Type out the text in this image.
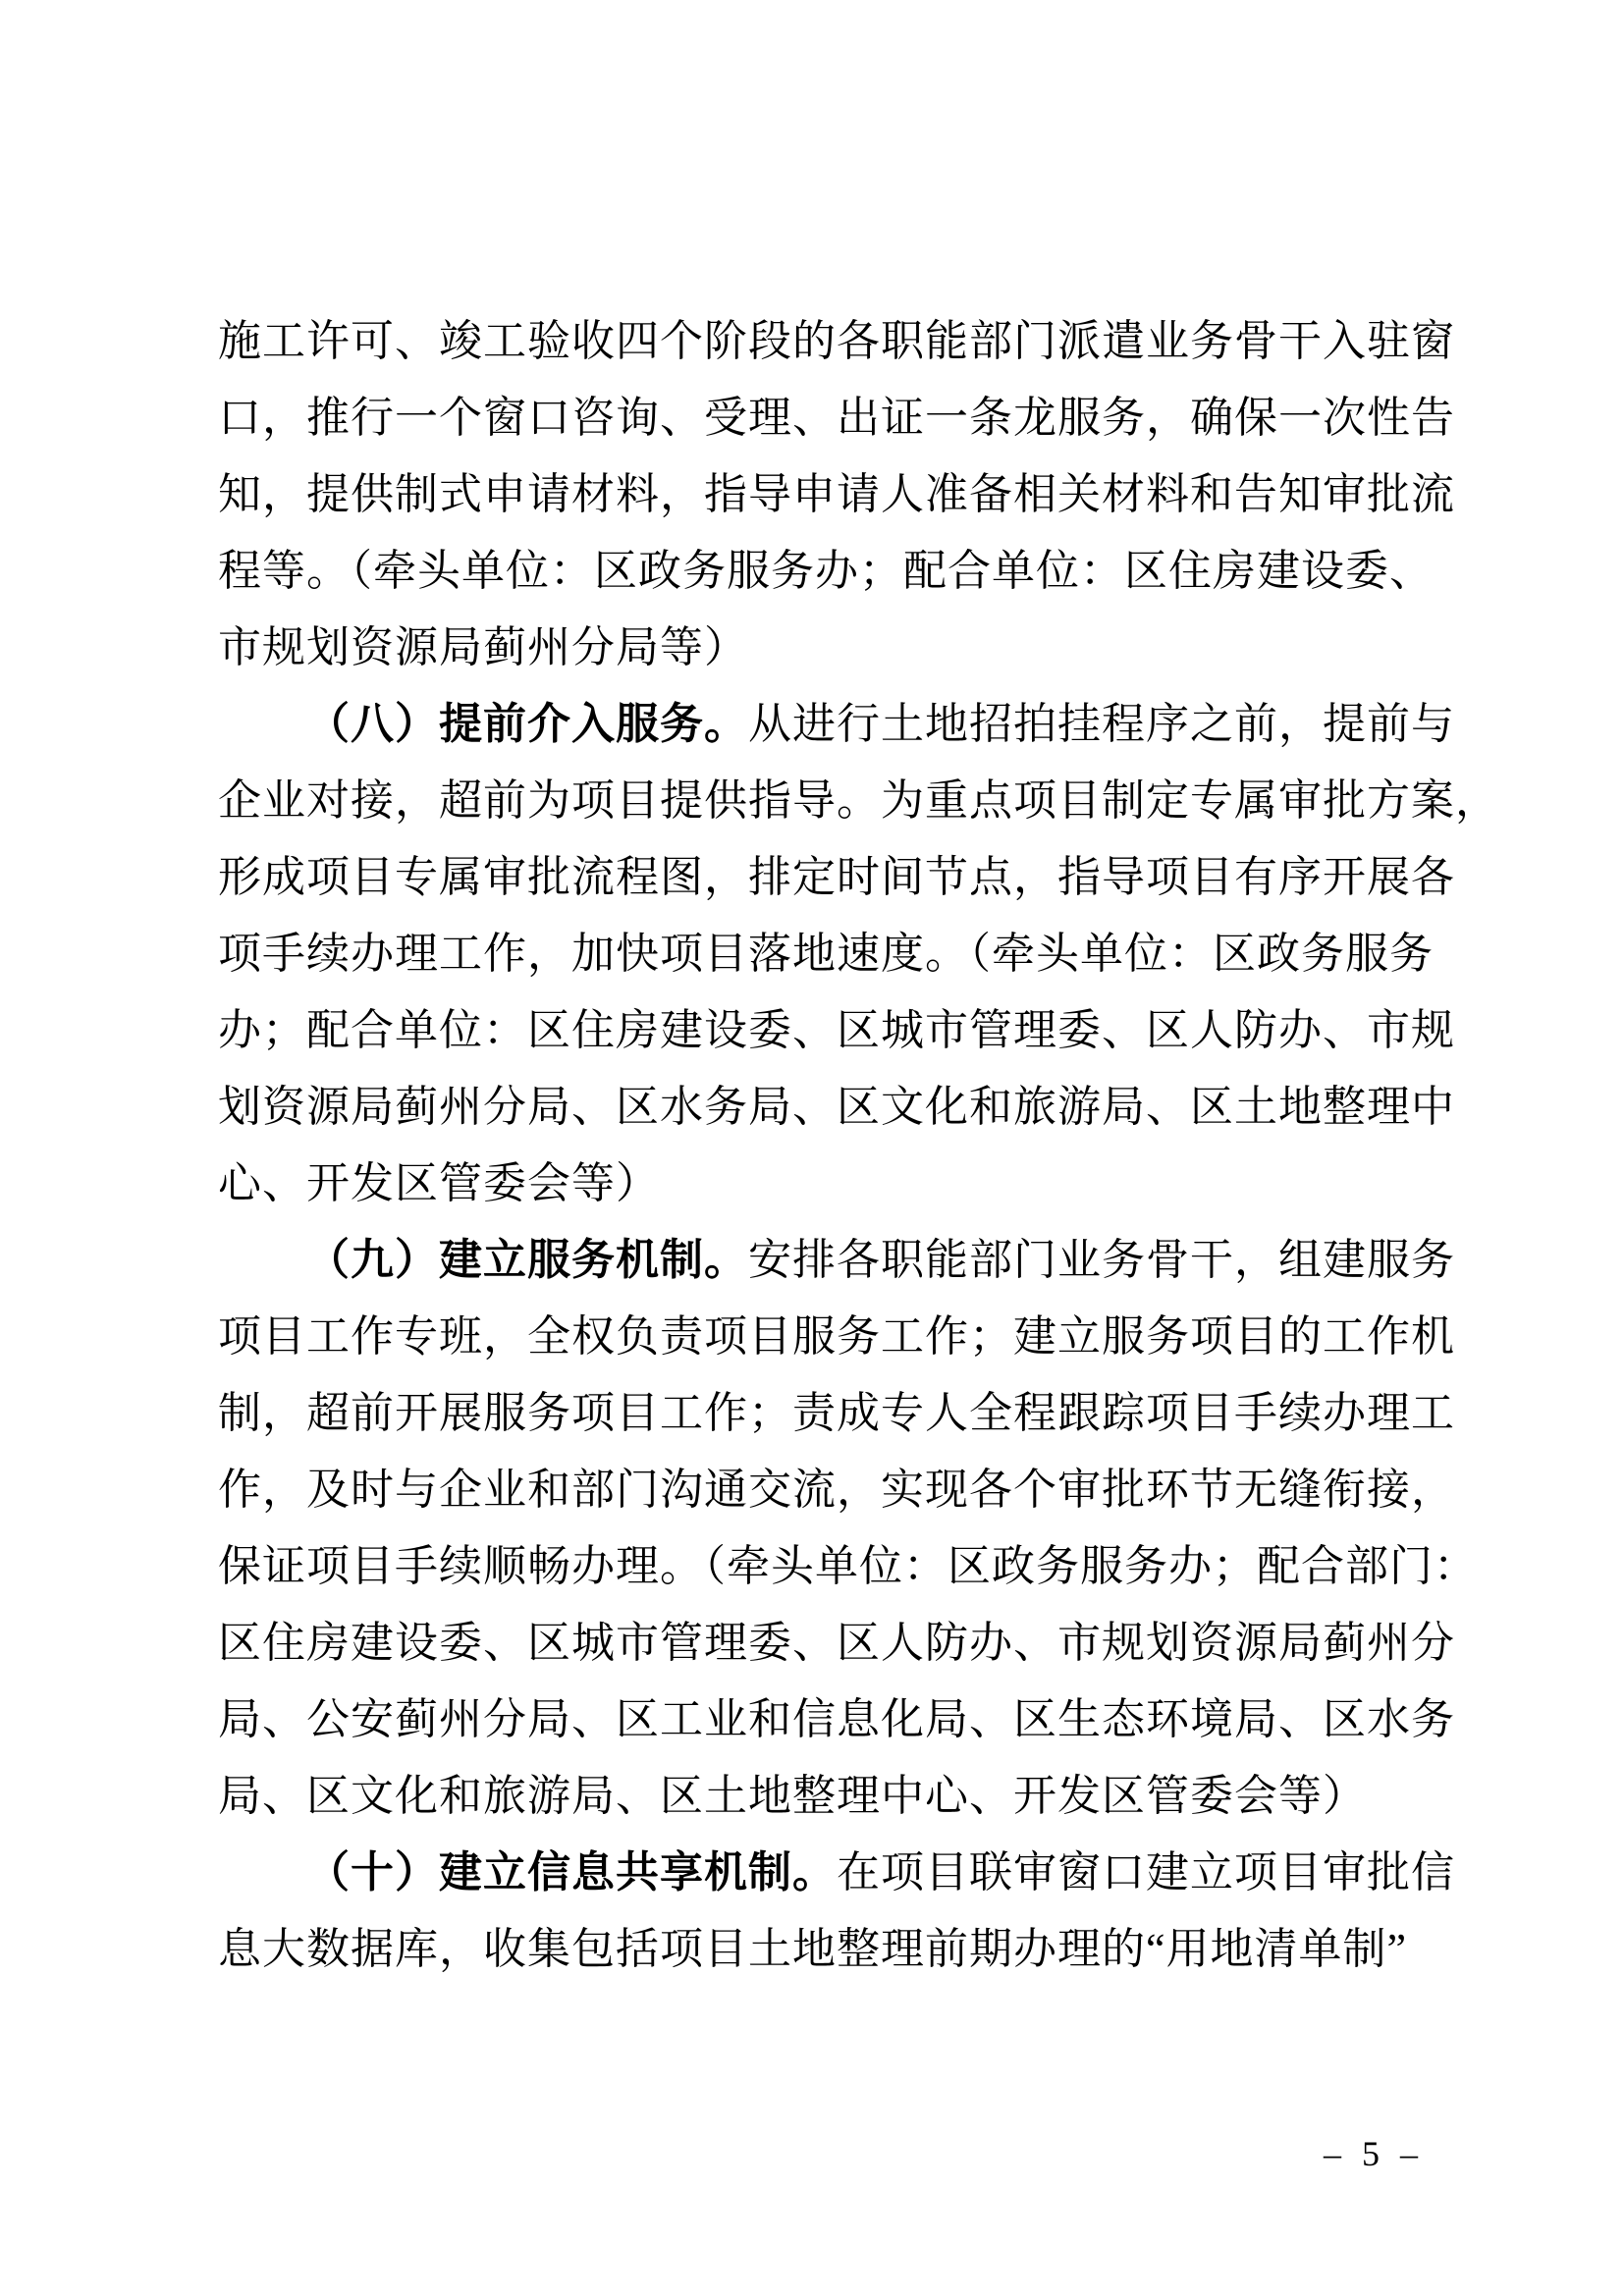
施工许可、竣工验收四个阶段的各职能部门派遣业务骨干入驻窗
口，推行一个窗口咨询、受理、出证一条龙服务，确保一次性告
知，提供制式申请材料，指导申请人准备相关材料和告知审批流
程等。（牵头单位：区政务服务办；配合单位：区住房建设委、
市规划资源局蓟州分局等）
（八）提前介入服务。从进行土地招拍挂程序之前，提前与
企业对接，超前为项目提供指导。为重点项目制定专属审批方案，
形成项目专属审批流程图，排定时间节点，指导项目有序开展各
项手续办理工作，加快项目落地速度。（牵头单位：区政务服务
办；配合单位：区住房建设委、区城市管理委、区人防办、市规
划资源局蓟州分局、区水务局、区文化和旅游局、区土地整理中
心、开发区管委会等）
（九）建立服务机制。安排各职能部门业务骨干，组建服务
项目工作专班，全权负责项目服务工作；建立服务项目的工作机
制，超前开展服务项目工作；责成专人全程跟踪项目手续办理工
作，及时与企业和部门沟通交流，实现各个审批环节无缝衔接，
保证项目手续顺畅办理。（牵头单位：区政务服务办；配合部门：
区住房建设委、区城市管理委、区人防办、市规划资源局蓟州分
局、公安蓟州分局、区工业和信息化局、区生态环境局、区水务
局、区文化和旅游局、区土地整理中心、开发区管委会等）
（十）建立信息共享机制。在项目联审窗口建立项目审批信
息大数据库，收集包括项目土地整理前期办理的“用地清单制”
– 5 –
